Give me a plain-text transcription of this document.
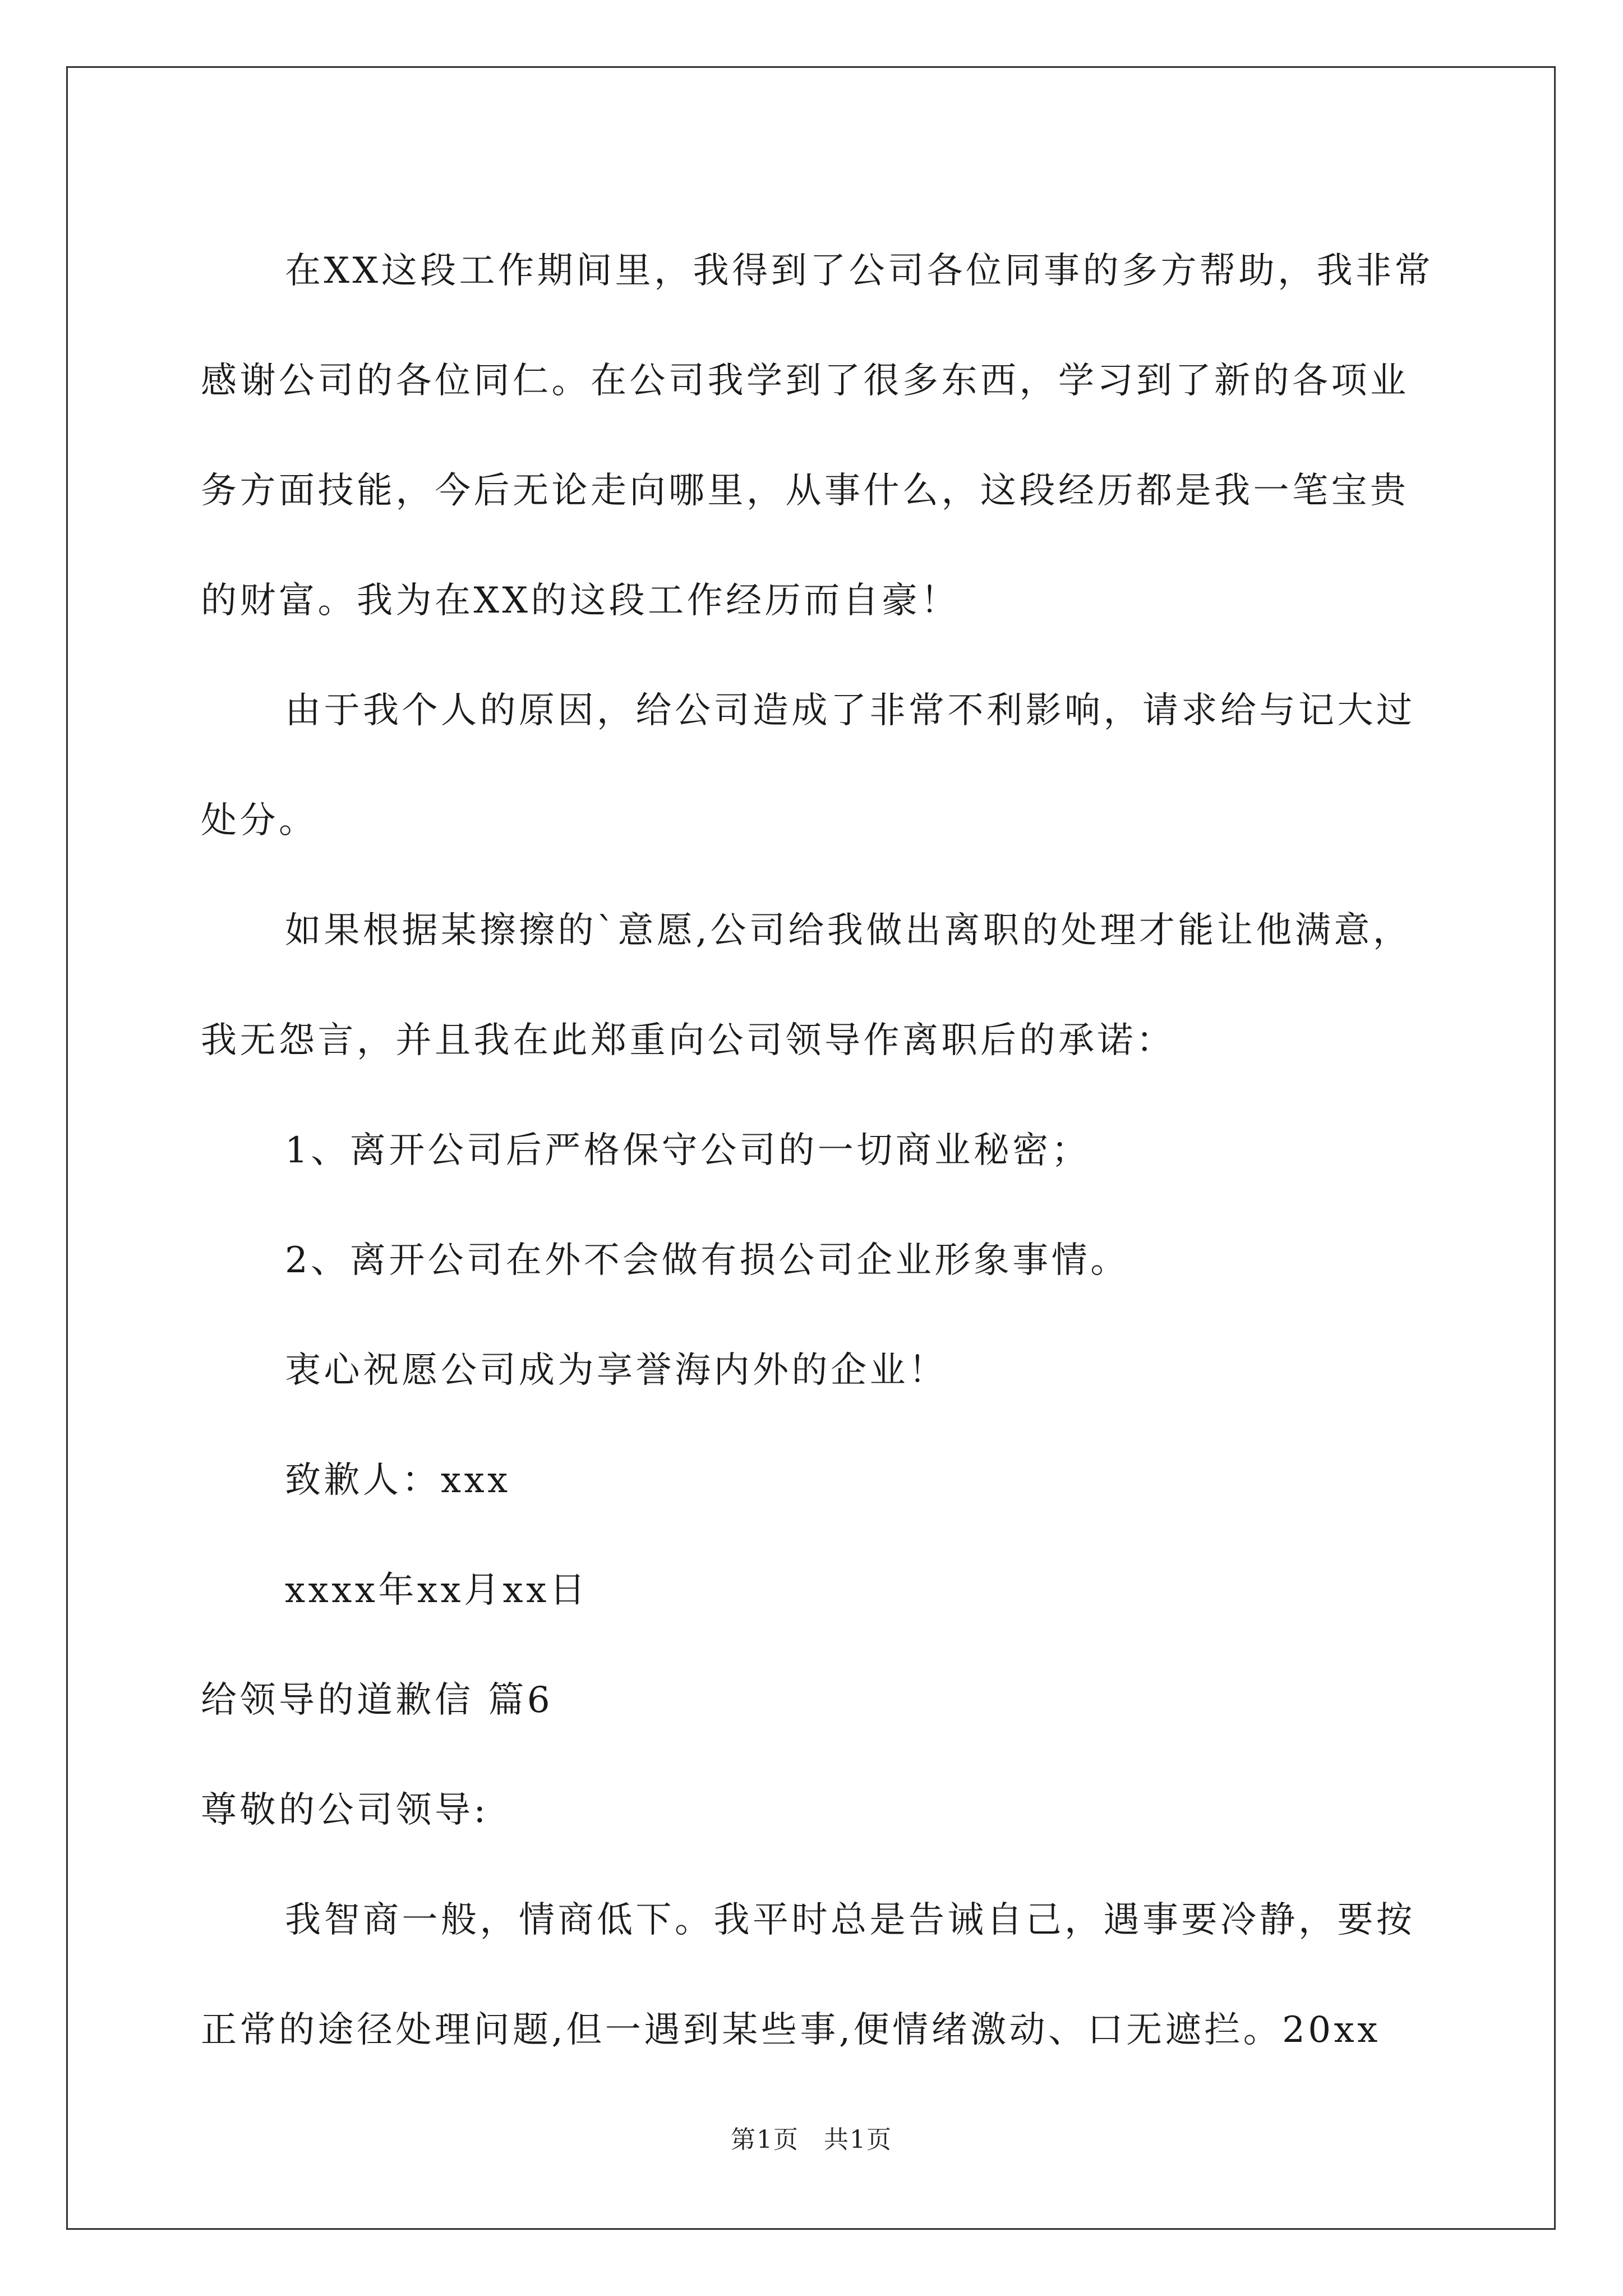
在XX这段工作期间里，我得到了公司各位同事的多方帮助，我非常感谢公司的各位同仁。在公司我学到了很多东西，学习到了新的各项业务方面技能，今后无论走向哪里，从事什么，这段经历都是我一笔宝贵的财富。我为在XX的这段工作经历而自豪！

由于我个人的原因，给公司造成了非常不利影响，请求给与记大过处分。

如果根据某擦擦的`意愿,公司给我做出离职的处理才能让他满意，我无怨言，并且我在此郑重向公司领导作离职后的承诺：

1、离开公司后严格保守公司的一切商业秘密；

2、离开公司在外不会做有损公司企业形象事情。

衷心祝愿公司成为享誉海内外的企业！

致歉人：xxx

xxxx年xx月xx日

给领导的道歉信 篇6

尊敬的公司领导:

我智商一般，情商低下。我平时总是告诫自己，遇事要冷静，要按正常的途径处理问题,但一遇到某些事,便情绪激动、口无遮拦。20xx

第1页 共1页
